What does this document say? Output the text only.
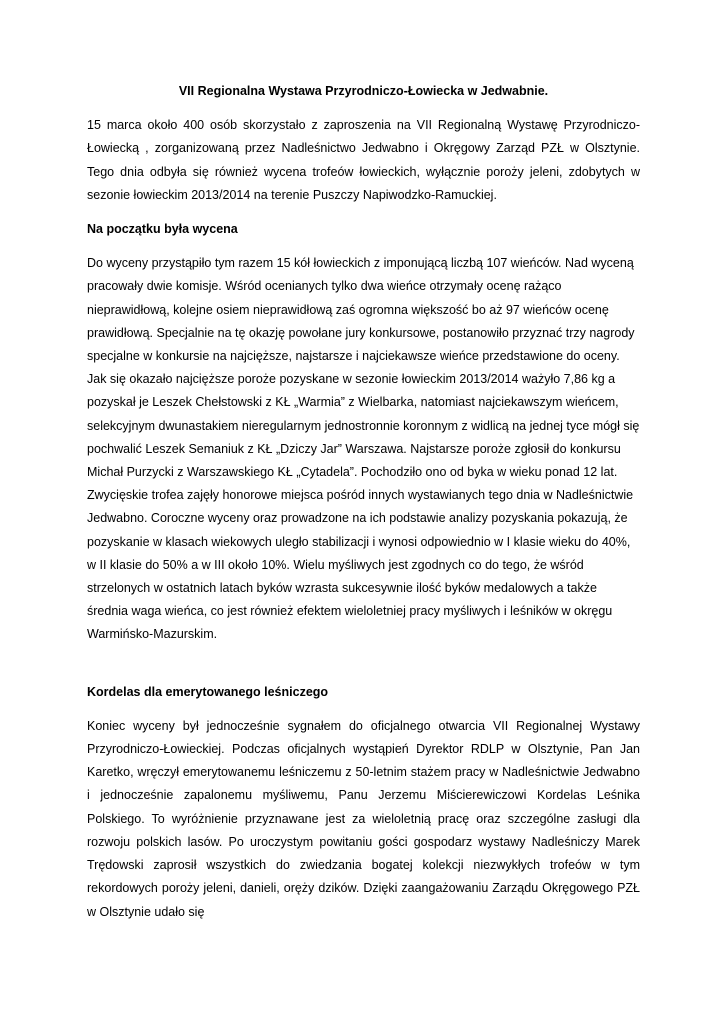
VII Regionalna Wystawa Przyrodniczo-Łowiecka w Jedwabnie.

15 marca około 400 osób skorzystało z zaproszenia na VII Regionalną Wystawę Przyrodniczo-Łowiecką , zorganizowaną przez Nadleśnictwo Jedwabno i Okręgowy Zarząd PZŁ w Olsztynie. Tego dnia odbyła się również wycena trofeów łowieckich, wyłącznie poroży jeleni, zdobytych w sezonie łowieckim 2013/2014 na terenie Puszczy Napiwodzko-Ramuckiej.

Na początku była wycena

Do wyceny przystąpiło tym razem 15 kół łowieckich z imponującą liczbą 107 wieńców. Nad wyceną pracowały dwie komisje. Wśród ocenianych tylko dwa wieńce otrzymały ocenę rażąco nieprawidłową, kolejne osiem nieprawidłową zaś ogromna większość bo aż 97 wieńców ocenę prawidłową. Specjalnie na tę okazję powołane jury konkursowe, postanowiło przyznać trzy nagrody specjalne w konkursie na najcięższe, najstarsze i najciekawsze wieńce przedstawione do oceny. Jak się okazało najcięższe poroże pozyskane w sezonie łowieckim 2013/2014 ważyło 7,86 kg a pozyskał je Leszek Chełstowski z KŁ „Warmia” z Wielbarka, natomiast najciekawszym wieńcem, selekcyjnym dwunastakiem nieregularnym jednostronnie koronnym z widlicą na jednej tyce mógł się pochwalić Leszek Semaniuk z KŁ „Dziczy Jar” Warszawa. Najstarsze poroże zgłosił do konkursu Michał Purzycki z Warszawskiego KŁ „Cytadela”. Pochodziło ono od byka w wieku ponad 12 lat. Zwycięskie trofea zajęły honorowe miejsca pośród innych wystawianych tego dnia w Nadleśnictwie Jedwabno. Coroczne wyceny oraz prowadzone na ich podstawie analizy pozyskania pokazują, że pozyskanie w klasach wiekowych uległo stabilizacji i wynosi odpowiednio w I klasie wieku do 40%, w II klasie do 50% a w III około 10%. Wielu myśliwych jest zgodnych co do tego, że wśród strzelonych w ostatnich latach byków wzrasta sukcesywnie ilość byków medalowych a także średnia waga wieńca, co jest również efektem wieloletniej pracy myśliwych i leśników w okręgu Warmińsko-Mazurskim.

Kordelas dla emerytowanego leśniczego

Koniec wyceny był jednocześnie sygnałem do oficjalnego otwarcia VII Regionalnej Wystawy Przyrodniczo-Łowieckiej. Podczas oficjalnych wystąpień Dyrektor RDLP w Olsztynie, Pan Jan Karetko, wręczył emerytowanemu leśniczemu z 50-letnim stażem pracy w Nadleśnictwie Jedwabno i jednocześnie zapalonemu myśliwemu, Panu Jerzemu Miścierewiczowi Kordelas Leśnika Polskiego. To wyróżnienie przyznawane jest za wieloletnią pracę oraz szczególne zasługi dla rozwoju polskich lasów. Po uroczystym powitaniu gości gospodarz wystawy Nadleśniczy Marek Trędowski zaprosił wszystkich do zwiedzania bogatej kolekcji niezwykłych trofeów w tym rekordowych poroży jeleni, danieli, oręży dzików. Dzięki zaangażowaniu Zarządu Okręgowego PZŁ w Olsztynie udało się
